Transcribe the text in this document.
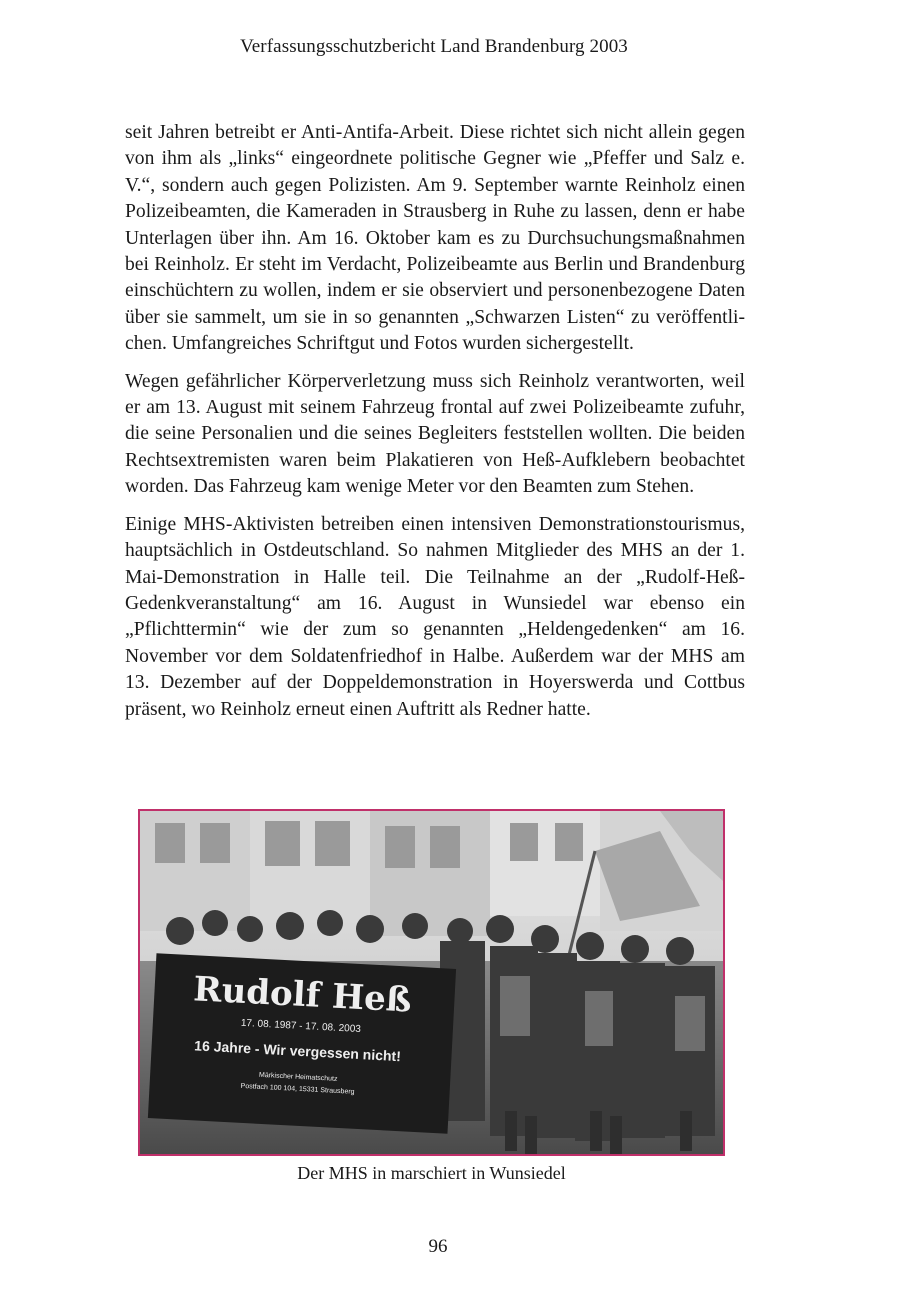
Verfassungsschutzbericht Land Brandenburg 2003

seit Jahren betreibt er Anti-Antifa-Arbeit. Diese richtet sich nicht allein gegen von ihm als „links“ eingeordnete politische Gegner wie „Pfeffer und Salz e. V.“, sondern auch gegen Polizisten. Am 9. September warnte Reinholz einen Polizeibeamten, die Kameraden in Strausberg in Ruhe zu lassen, denn er habe Unterlagen über ihn. Am 16. Oktober kam es zu Durchsuchungsmaßnahmen bei Reinholz. Er steht im Verdacht, Polizeibeamte aus Berlin und Brandenburg einschüchtern zu wollen, indem er sie observiert und personenbezogene Daten über sie sammelt, um sie in so genannten „Schwarzen Listen“ zu veröffentlichen. Umfangreiches Schriftgut und Fotos wurden sichergestellt.

Wegen gefährlicher Körperverletzung muss sich Reinholz verantworten, weil er am 13. August mit seinem Fahrzeug frontal auf zwei Polizeibeamte zufuhr, die seine Personalien und die seines Begleiters feststellen wollten. Die beiden Rechtsextremisten waren beim Plakatieren von Heß-Aufklebern beobachtet worden. Das Fahrzeug kam wenige Meter vor den Beamten zum Stehen.

Einige MHS-Aktivisten betreiben einen intensiven Demonstrationstourismus, hauptsächlich in Ostdeutschland. So nahmen Mitglieder des MHS an der 1. Mai-Demonstration in Halle teil. Die Teilnahme an der „Rudolf-Heß-Gedenkveranstaltung“ am 16. August in Wunsiedel war ebenso ein „Pflichttermin“ wie der zum so genannten „Heldengedenken“ am 16. November vor dem Soldatenfriedhof in Halbe. Außerdem war der MHS am 13. Dezember auf der Doppeldemonstration in Hoyerswerda und Cottbus präsent, wo Reinholz erneut einen Auftritt als Redner hatte.

Rudolf Heß
17. 08. 1987 - 17. 08. 2003
16 Jahre - Wir vergessen nicht!
Märkischer Heimatschutz
Postfach 100 104, 15331 Strausberg
Der MHS in marschiert in Wunsiedel
96
